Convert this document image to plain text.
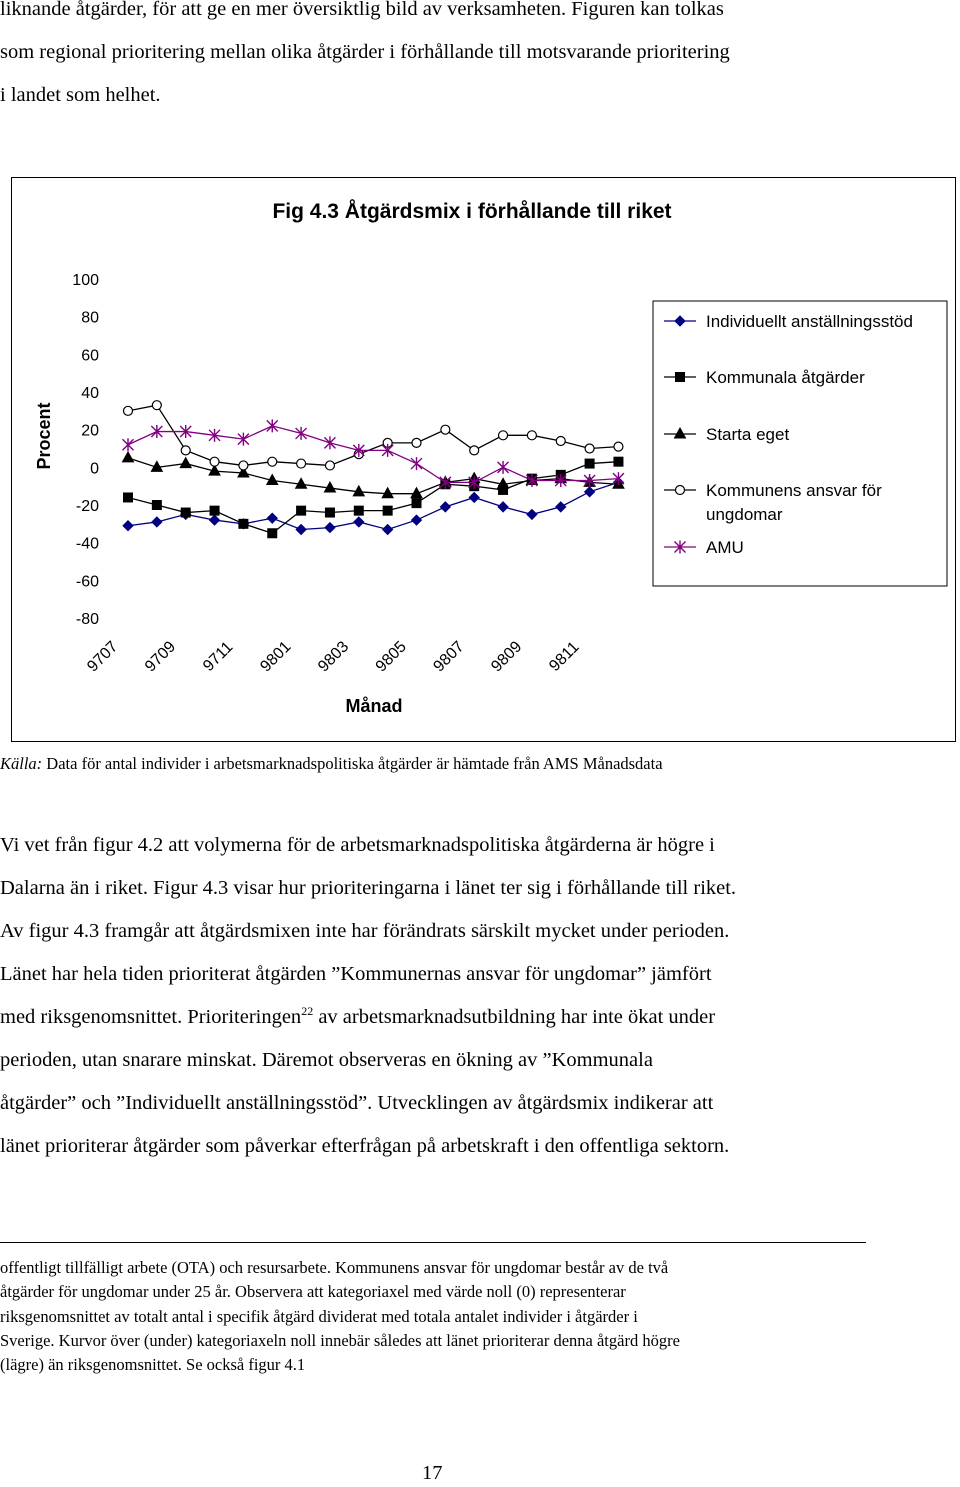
liknande åtgärder, för att ge en mer översiktlig bild av verksamheten. Figuren kan tolkas
som regional prioritering mellan olika åtgärder i förhållande till motsvarande prioritering
i landet som helhet.
Fig 4.3 Åtgärdsmix i förhållande till riket
100
80
60
40
20
0
-20
-40
-60
-80
9707 9709 9711 9801 9803 9805 9807 9809 9811
Procent
Månad
Individuellt anställningsstöd
Kommunala åtgärder
Starta eget
Kommunens ansvar för ungdomar
AMU
Källa: Data för antal individer i arbetsmarknadspolitiska åtgärder är hämtade från AMS Månadsdata
Vi vet från figur 4.2 att volymerna för de arbetsmarknadspolitiska åtgärderna är högre i
Dalarna än i riket. Figur 4.3 visar hur prioriteringarna i länet ter sig i förhållande till riket.
Av figur 4.3 framgår att åtgärdsmixen inte har förändrats särskilt mycket under perioden.
Länet har hela tiden prioriterat åtgärden ”Kommunernas ansvar för ungdomar” jämfört
med riksgenomsnittet. Prioriteringen$^{22}$ av arbetsmarknadsutbildning har inte ökat under
perioden, utan snarare minskat. Däremot observeras en ökning av ”Kommunala
åtgärder” och ”Individuellt anställningsstöd”. Utvecklingen av åtgärdsmix indikerar att
länet prioriterar åtgärder som påverkar efterfrågan på arbetskraft i den offentliga sektorn.
offentligt tillfälligt arbete (OTA) och resursarbete. Kommunens ansvar för ungdomar består av de två
åtgärder för ungdomar under 25 år. Observera att kategoriaxel med värde noll (0) representerar
riksgenomsnittet av totalt antal i specifik åtgärd dividerat med totala antalet individer i åtgärder i
Sverige. Kurvor över (under) kategoriaxeln noll innebär således att länet prioriterar denna åtgärd högre
(lägre) än riksgenomsnittet. Se också figur 4.1
17
